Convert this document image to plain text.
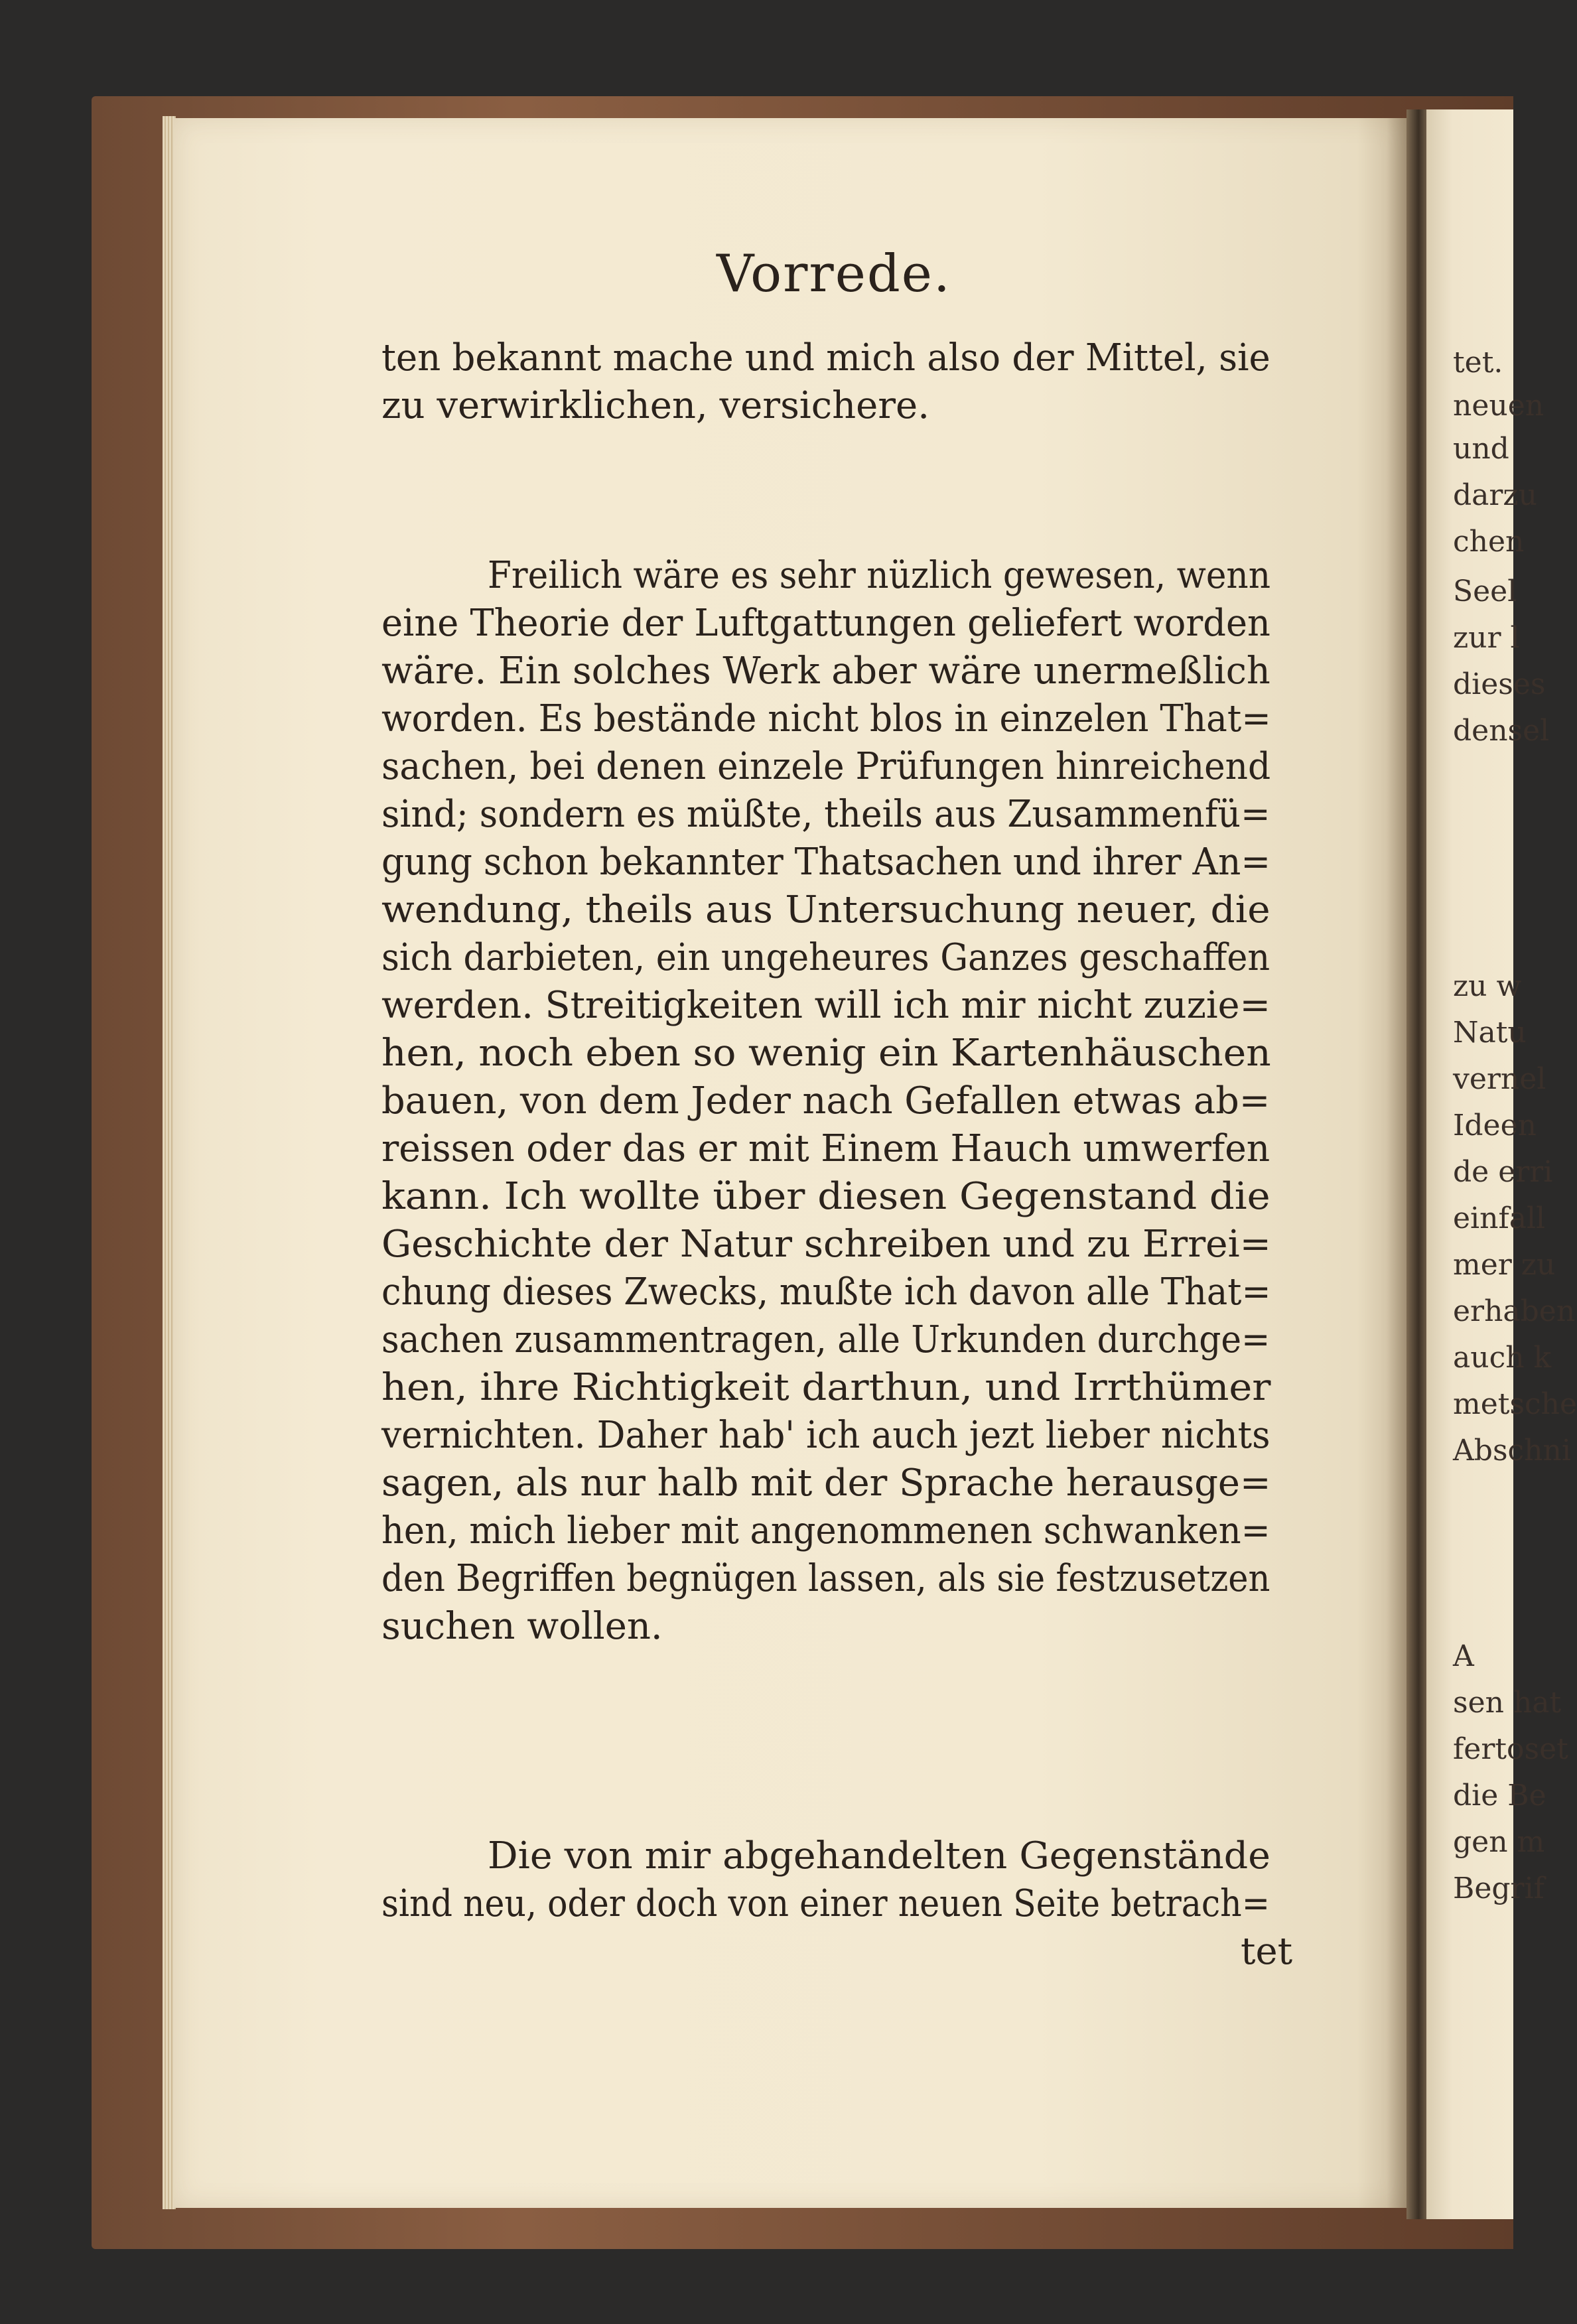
tet.
neuen
und
darzu
chen
Seel
zur l
dieses
densel
zu w
Natu
vernel
Ideen
de erri
einfall
mer zu
erhaben
auch k
metsche
Abschni
A
sen hat
fertoset
die Be
gen m
Begrif
Vorrede.
ten bekannt mache und mich also der Mittel, sie
zu verwirklichen, versichere.
Freilich wäre es sehr nüzlich gewesen, wenn
eine Theorie der Luftgattungen geliefert worden
wäre. Ein solches Werk aber wäre unermeßlich
worden. Es bestände nicht blos in einzelen That=
sachen, bei denen einzele Prüfungen hinreichend
sind; sondern es müßte, theils aus Zusammenfü=
gung schon bekannter Thatsachen und ihrer An=
wendung, theils aus Untersuchung neuer, die
sich darbieten, ein ungeheures Ganzes geschaffen
werden. Streitigkeiten will ich mir nicht zuzie=
hen, noch eben so wenig ein Kartenhäuschen
bauen, von dem Jeder nach Gefallen etwas ab=
reissen oder das er mit Einem Hauch umwerfen
kann. Ich wollte über diesen Gegenstand die
Geschichte der Natur schreiben und zu Errei=
chung dieses Zwecks, mußte ich davon alle That=
sachen zusammentragen, alle Urkunden durchge=
hen, ihre Richtigkeit darthun, und Irrthümer
vernichten. Daher hab' ich auch jezt lieber nichts
sagen, als nur halb mit der Sprache herausge=
hen, mich lieber mit angenommenen schwanken=
den Begriffen begnügen lassen, als sie festzusetzen
suchen wollen.
Die von mir abgehandelten Gegenstände
sind neu, oder doch von einer neuen Seite betrach=
tet
